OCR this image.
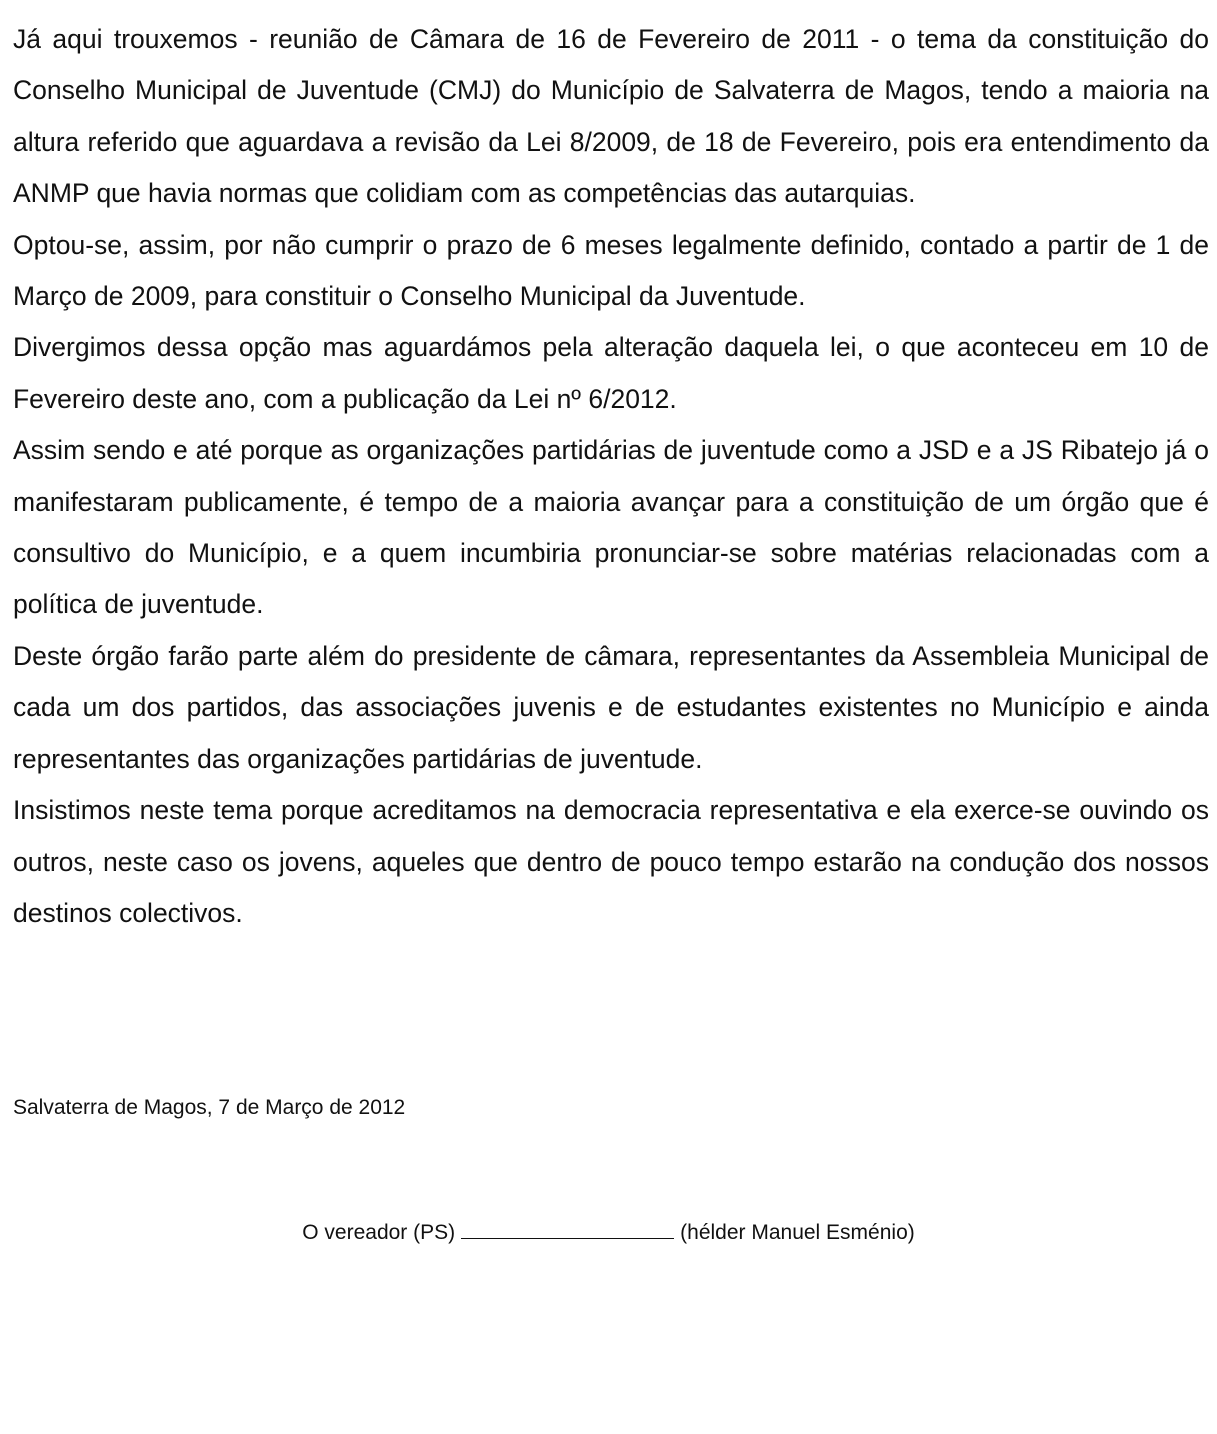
Já aqui trouxemos - reunião de Câmara de 16 de Fevereiro de 2011 - o tema da constituição do Conselho Municipal de Juventude (CMJ) do Município de Salvaterra de Magos, tendo a maioria na altura referido que aguardava a revisão da Lei 8/2009, de 18 de Fevereiro, pois era entendimento da ANMP que havia normas que colidiam com as competências das autarquias.

Optou-se, assim, por não cumprir o prazo de 6 meses legalmente definido, contado a partir de 1 de Março de 2009, para constituir o Conselho Municipal da Juventude.

Divergimos dessa opção mas aguardámos pela alteração daquela lei, o que aconteceu em 10 de Fevereiro deste ano, com a publicação da Lei nº 6/2012.

Assim sendo e até porque as organizações partidárias de juventude como a JSD e a JS Ribatejo já o manifestaram publicamente, é tempo de a maioria avançar para a constituição de um órgão que é consultivo do Município, e a quem incumbiria pronunciar-se sobre matérias relacionadas com a política de juventude.

Deste órgão farão parte além do presidente de câmara, representantes da Assembleia Municipal de cada um dos partidos, das associações juvenis e de estudantes existentes no Município e ainda representantes das organizações partidárias de juventude.

Insistimos neste tema porque acreditamos na democracia representativa e ela exerce-se ouvindo os outros, neste caso os jovens, aqueles que dentro de pouco tempo estarão na condução dos nossos destinos colectivos.

Salvaterra de Magos, 7 de Março de 2012

O vereador (PS)	(hélder Manuel Esménio)
